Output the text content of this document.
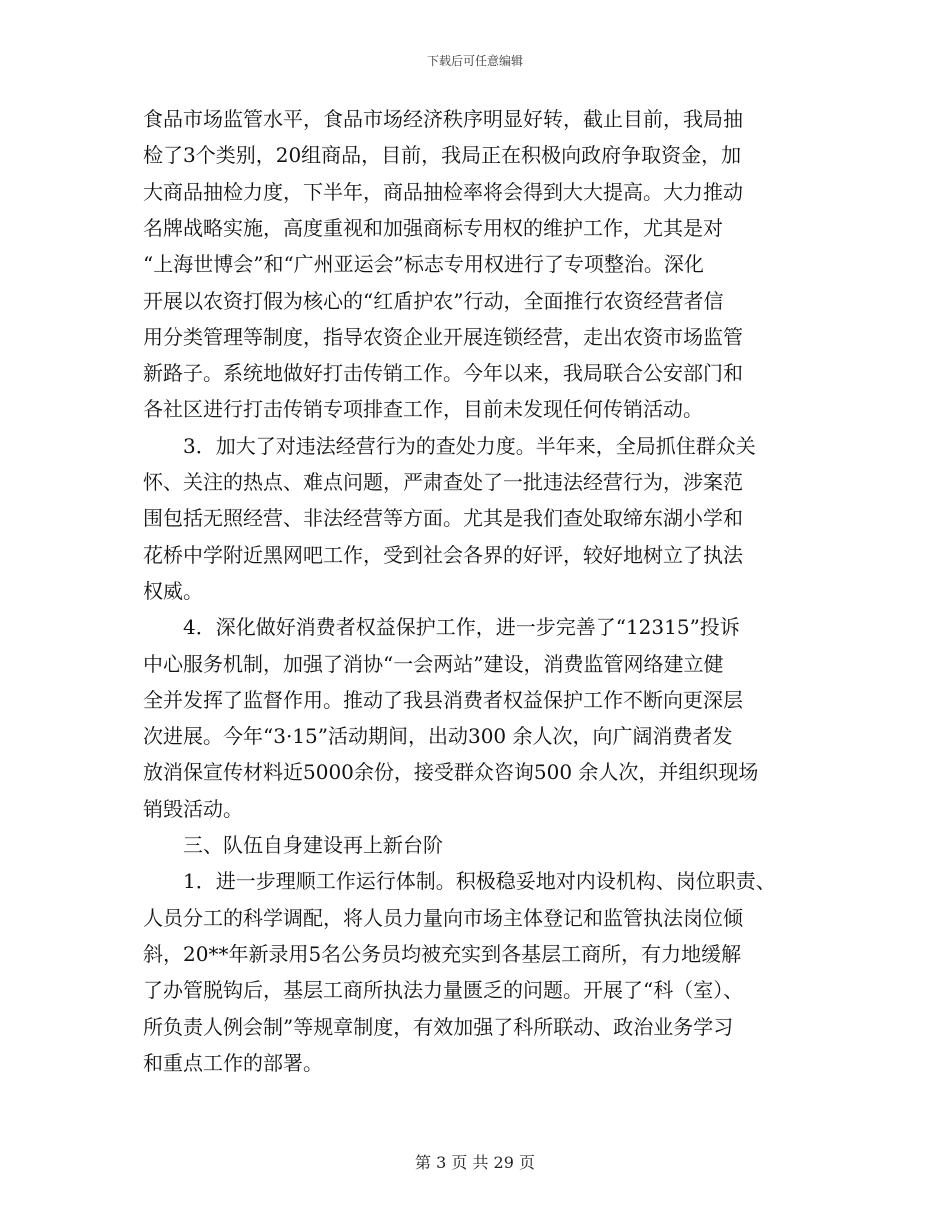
下载后可任意编辑
食品市场监管水平，食品市场经济秩序明显好转，截止目前，我局抽
检了3个类别，20组商品，目前，我局正在积极向政府争取资金，加
大商品抽检力度，下半年，商品抽检率将会得到大大提高。大力推动
名牌战略实施，高度重视和加强商标专用权的维护工作，尤其是对
“上海世博会”和“广州亚运会”标志专用权进行了专项整治。深化
开展以农资打假为核心的“红盾护农”行动，全面推行农资经营者信
用分类管理等制度，指导农资企业开展连锁经营，走出农资市场监管
新路子。系统地做好打击传销工作。今年以来，我局联合公安部门和
各社区进行打击传销专项排查工作，目前未发现任何传销活动。
　　3．加大了对违法经营行为的查处力度。半年来，全局抓住群众关
怀、关注的热点、难点问题，严肃查处了一批违法经营行为，涉案范
围包括无照经营、非法经营等方面。尤其是我们查处取缔东湖小学和
花桥中学附近黑网吧工作，受到社会各界的好评，较好地树立了执法
权威。
　　4．深化做好消费者权益保护工作，进一步完善了“12315”投诉
中心服务机制，加强了消协“一会两站”建设，消费监管网络建立健
全并发挥了监督作用。推动了我县消费者权益保护工作不断向更深层
次进展。今年“3·15”活动期间，出动300 余人次，向广阔消费者发
放消保宣传材料近5000余份，接受群众咨询500 余人次，并组织现场
销毁活动。
　　三、队伍自身建设再上新台阶
　　1．进一步理顺工作运行体制。积极稳妥地对内设机构、岗位职责、
人员分工的科学调配，将人员力量向市场主体登记和监管执法岗位倾
斜，20**年新录用5名公务员均被充实到各基层工商所，有力地缓解
了办管脱钩后，基层工商所执法力量匮乏的问题。开展了“科（室）、
所负责人例会制”等规章制度，有效加强了科所联动、政治业务学习
和重点工作的部署。
第 3 页 共 29 页
